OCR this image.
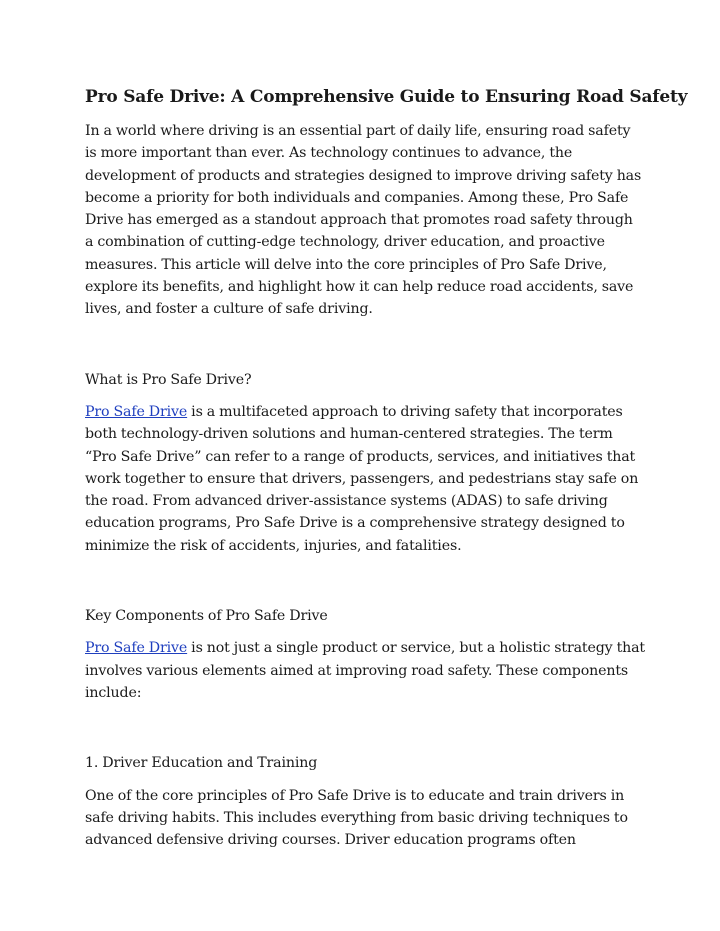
Pro Safe Drive: A Comprehensive Guide to Ensuring Road Safety

In a world where driving is an essential part of daily life, ensuring road safety is more important than ever. As technology continues to advance, the development of products and strategies designed to improve driving safety has become a priority for both individuals and companies. Among these, Pro Safe Drive has emerged as a standout approach that promotes road safety through a combination of cutting-edge technology, driver education, and proactive measures. This article will delve into the core principles of Pro Safe Drive, explore its benefits, and highlight how it can help reduce road accidents, save lives, and foster a culture of safe driving.

What is Pro Safe Drive?

Pro Safe Drive is a multifaceted approach to driving safety that incorporates both technology-driven solutions and human-centered strategies. The term “Pro Safe Drive” can refer to a range of products, services, and initiatives that work together to ensure that drivers, passengers, and pedestrians stay safe on the road. From advanced driver-assistance systems (ADAS) to safe driving education programs, Pro Safe Drive is a comprehensive strategy designed to minimize the risk of accidents, injuries, and fatalities.

Key Components of Pro Safe Drive

Pro Safe Drive is not just a single product or service, but a holistic strategy that involves various elements aimed at improving road safety. These components include:

1. Driver Education and Training

One of the core principles of Pro Safe Drive is to educate and train drivers in safe driving habits. This includes everything from basic driving techniques to advanced defensive driving courses. Driver education programs often
